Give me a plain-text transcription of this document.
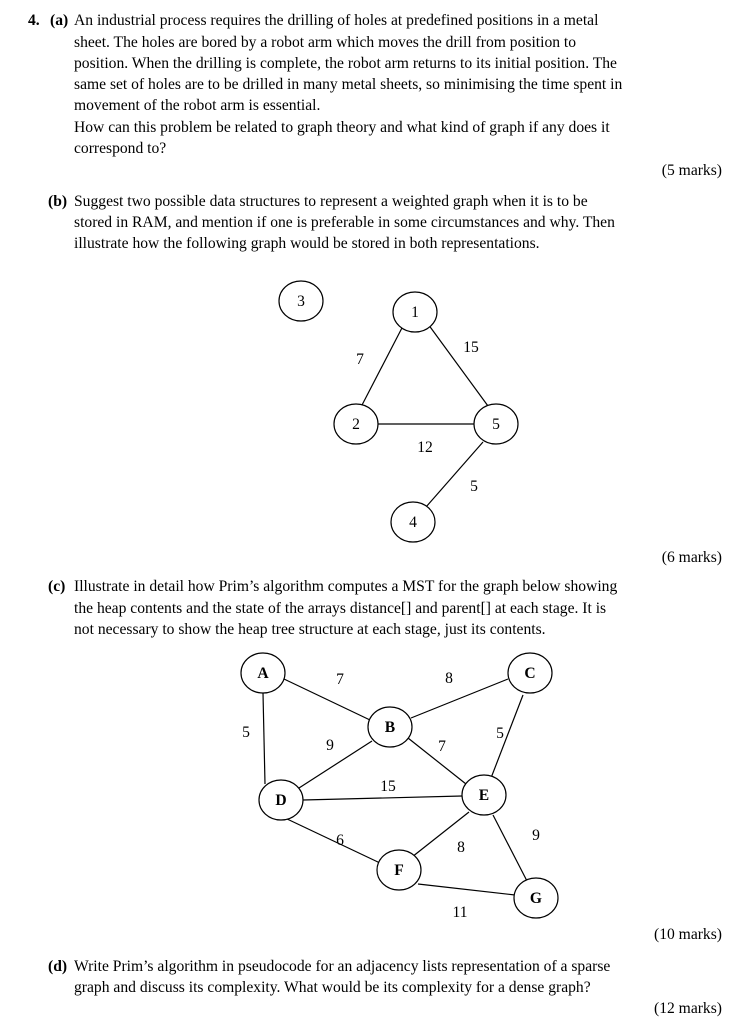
4. (a) An industrial process requires the drilling of holes at predefined positions in a metal
sheet. The holes are bored by a robot arm which moves the drill from position to
position. When the drilling is complete, the robot arm returns to its initial position. The
same set of holes are to be drilled in many metal sheets, so minimising the time spent in
movement of the robot arm is essential.
How can this problem be related to graph theory and what kind of graph if any does it
correspond to?
(5 marks)
(b) Suggest two possible data structures to represent a weighted graph when it is to be
stored in RAM, and mention if one is preferable in some circumstances and why. Then
illustrate how the following graph would be stored in both representations.
7
15
12
5
3
1
2	5
4
(6 marks)
(c) Illustrate in detail how Prim’s algorithm computes a MST for the graph below showing
the heap contents and the state of the arrays distance[] and parent[] at each stage. It is
not necessary to show the heap tree structure at each stage, just its contents.
7
5
8
9	7
5
15
6	8
9
11
A
B
C
D	E
F
G
(10 marks)
(d) Write Prim’s algorithm in pseudocode for an adjacency lists representation of a sparse
graph and discuss its complexity. What would be its complexity for a dense graph?
(12 marks)
